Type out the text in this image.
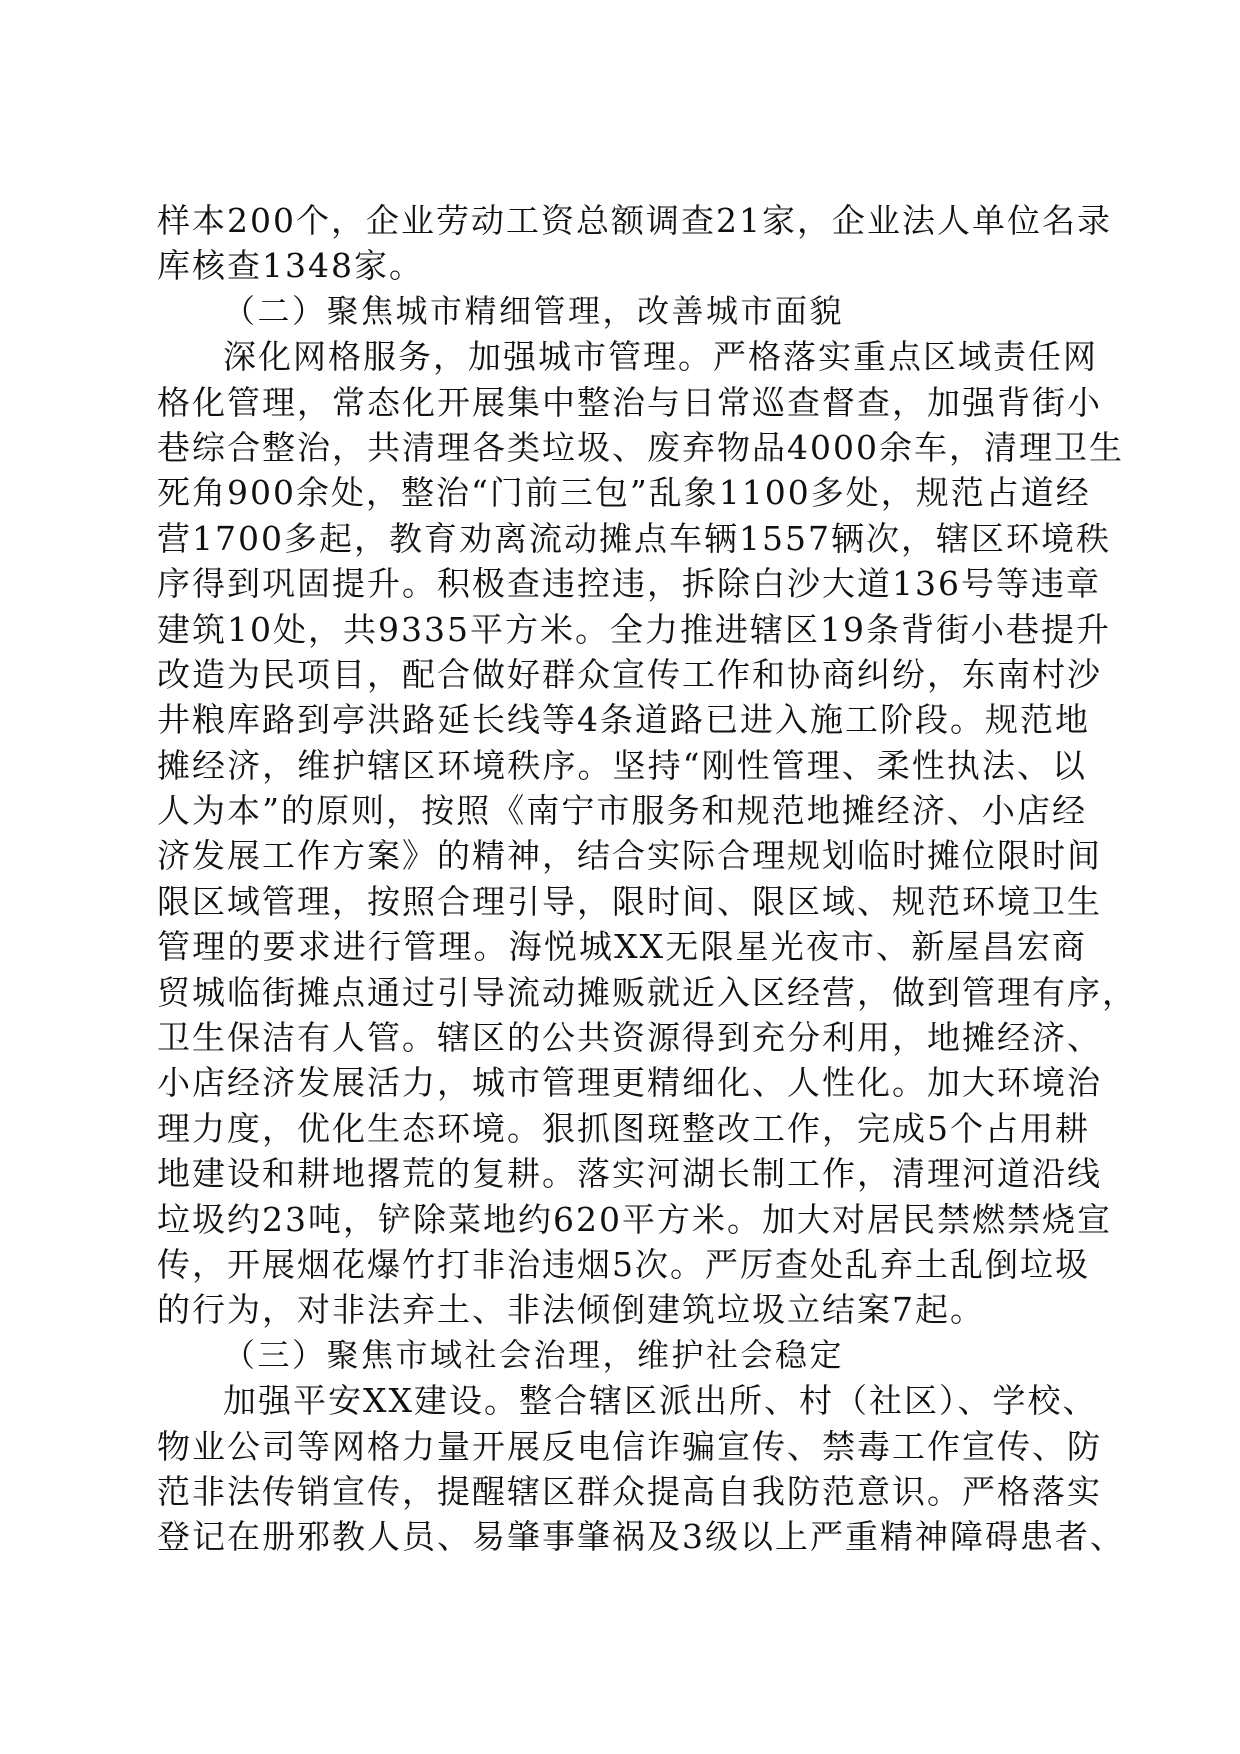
样本200个，企业劳动工资总额调查21家，企业法人单位名录
库核查1348家。
（二）聚焦城市精细管理，改善城市面貌
深化网格服务，加强城市管理。严格落实重点区域责任网
格化管理，常态化开展集中整治与日常巡查督查，加强背街小
巷综合整治，共清理各类垃圾、废弃物品4000余车，清理卫生
死角900余处，整治“门前三包”乱象1100多处，规范占道经
营1700多起，教育劝离流动摊点车辆1557辆次，辖区环境秩
序得到巩固提升。积极查违控违，拆除白沙大道136号等违章
建筑10处，共9335平方米。全力推进辖区19条背街小巷提升
改造为民项目，配合做好群众宣传工作和协商纠纷，东南村沙
井粮库路到亭洪路延长线等4条道路已进入施工阶段。规范地
摊经济，维护辖区环境秩序。坚持“刚性管理、柔性执法、以
人为本”的原则，按照《南宁市服务和规范地摊经济、小店经
济发展工作方案》的精神，结合实际合理规划临时摊位限时间
限区域管理，按照合理引导，限时间、限区域、规范环境卫生
管理的要求进行管理。海悦城XX无限星光夜市、新屋昌宏商
贸城临街摊点通过引导流动摊贩就近入区经营，做到管理有序，
卫生保洁有人管。辖区的公共资源得到充分利用，地摊经济、
小店经济发展活力，城市管理更精细化、人性化。加大环境治
理力度，优化生态环境。狠抓图斑整改工作，完成5个占用耕
地建设和耕地撂荒的复耕。落实河湖长制工作，清理河道沿线
垃圾约23吨，铲除菜地约620平方米。加大对居民禁燃禁烧宣
传，开展烟花爆竹打非治违烟5次。严厉查处乱弃土乱倒垃圾
的行为，对非法弃土、非法倾倒建筑垃圾立结案7起。
（三）聚焦市域社会治理，维护社会稳定
加强平安XX建设。整合辖区派出所、村（社区）、学校、
物业公司等网格力量开展反电信诈骗宣传、禁毒工作宣传、防
范非法传销宣传，提醒辖区群众提高自我防范意识。严格落实
登记在册邪教人员、易肇事肇祸及3级以上严重精神障碍患者、
